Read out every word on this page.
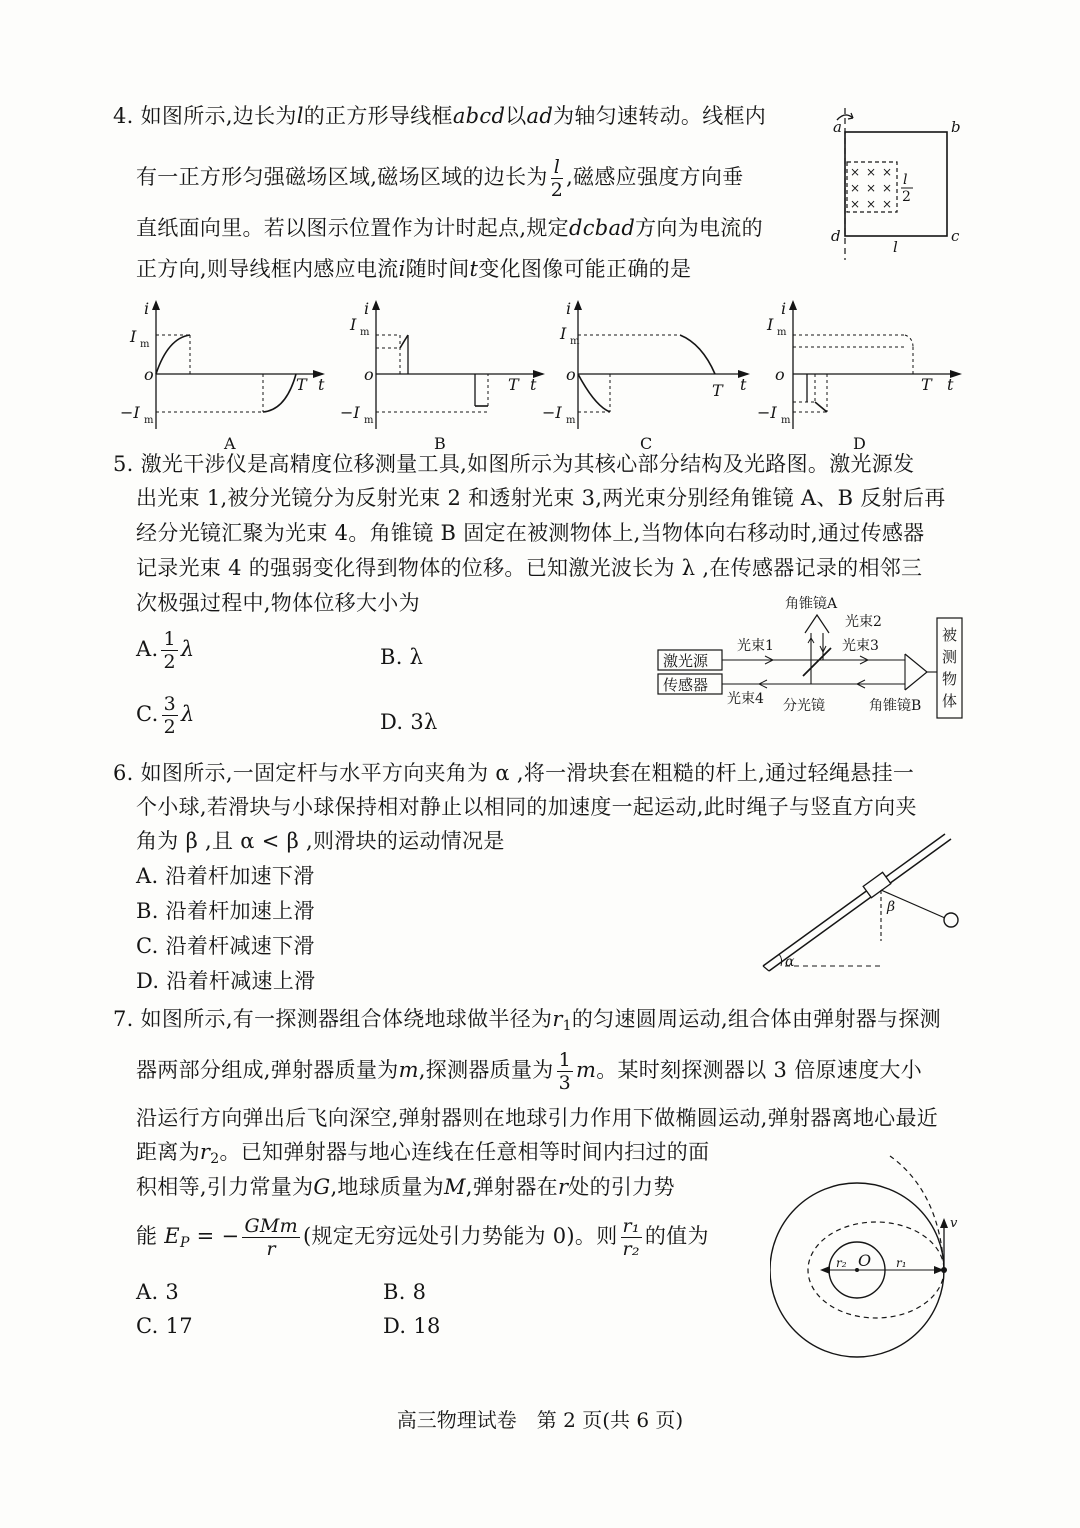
4. 如图所示,边长为l的正方形导线框abcd以ad为轴匀速转动。线框内
有一正方形匀强磁场区域,磁场区域的边长为 $\frac{l}{2}$ ,磁感应强度方向垂
直纸面向里。若以图示位置作为计时起点,规定dcbad方向为电流的
正方向,则导线框内感应电流i随时间t变化图像可能正确的是
× × ×
× × ×
× × ×
l
2
a	b
c
d
l
i
I m
o
−I m
T t
A
i
I m
o
−I m
T t
B
i
I m
o
−I m
T t
C
i
I m
o
−I m
T t
D
5. 激光干涉仪是高精度位移测量工具,如图所示为其核心部分结构及光路图。激光源发
出光束 1,被分光镜分为反射光束 2 和透射光束 3,两光束分别经角锥镜 A、B 反射后再
经分光镜汇聚为光束 4。角锥镜 B 固定在被测物体上,当物体向右移动时,通过传感器
记录光束 4 的强弱变化得到物体的位移。已知激光波长为 λ ,在传感器记录的相邻三
次极强过程中,物体位移大小为
A. $\frac{1}{2}$ λ	B. λ
C. $\frac{3}{2}$ λ	D. 3λ
角锥镜A
光束2
光束1	光束3
光束4 分光镜	角锥镜B
激光源
传感器
被
测
物
体
6. 如图所示,一固定杆与水平方向夹角为 α ,将一滑块套在粗糙的杆上,通过轻绳悬挂一
个小球,若滑块与小球保持相对静止以相同的加速度一起运动,此时绳子与竖直方向夹
角为 β ,且 α < β ,则滑块的运动情况是
A. 沿着杆加速下滑
B. 沿着杆加速上滑
C. 沿着杆减速下滑
D. 沿着杆减速上滑
α
β
7. 如图所示,有一探测器组合体绕地球做半径为$r_1$的匀速圆周运动,组合体由弹射器与探测
器两部分组成,弹射器质量为m,探测器质量为 $\frac{1}{3}$ m。某时刻探测器以 3 倍原速度大小
沿运行方向弹出后飞向深空,弹射器则在地球引力作用下做椭圆运动,弹射器离地心最近
距离为$r_2$。已知弹射器与地心连线在任意相等时间内扫过的面
积相等,引力常量为G,地球质量为M,弹射器在r处的引力势
能 $E_P$ = − $\frac{\text{GMm}}{r}$ (规定无穷远处引力势能为 0)。则 $\frac{\text{r₁}}{\text{r₂}}$ 的值为
A. 3	B. 8
C. 17	D. 18
v
O
r₂	r₁
高三物理试卷　第 2 页(共 6 页)
